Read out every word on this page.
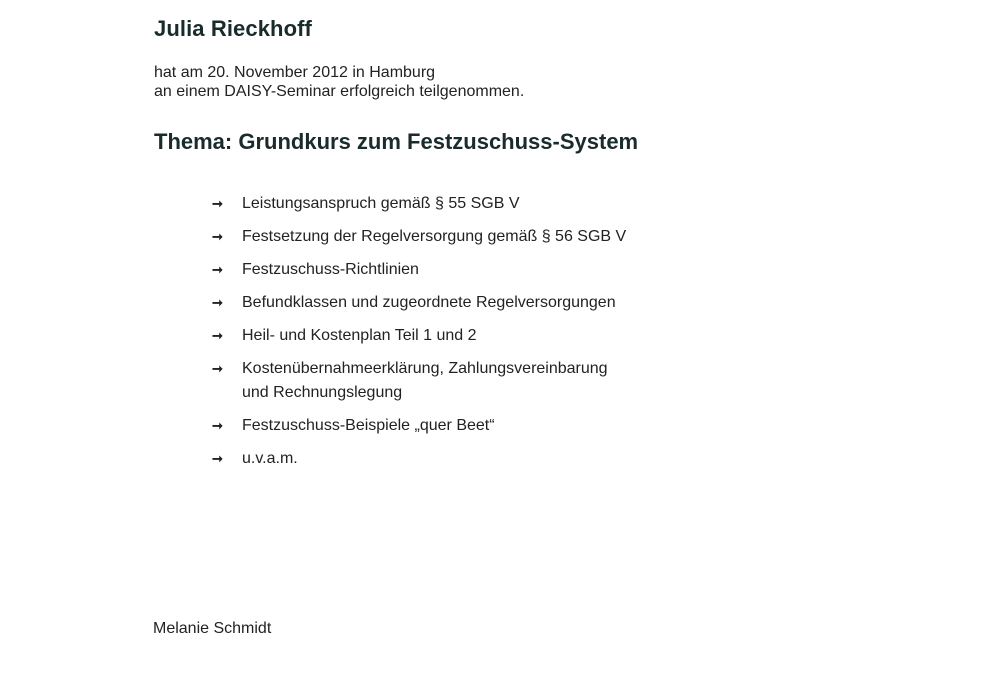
Julia Rieckhoff
hat am 20. November 2012 in Hamburg
an einem DAISY-Seminar erfolgreich teilgenommen.
Thema: Grundkurs zum Festzuschuss-System
➞ Leistungsanspruch gemäß § 55 SGB V
➞ Festsetzung der Regelversorgung gemäß § 56 SGB V
➞ Festzuschuss-Richtlinien
➞ Befundklassen und zugeordnete Regelversorgungen
➞ Heil- und Kostenplan Teil 1 und 2
➞ Kostenübernahmeerklärung, Zahlungsvereinbarung
und Rechnungslegung
➞ Festzuschuss-Beispiele „quer Beet“
➞ u.v.a.m.
Melanie Schmidt
